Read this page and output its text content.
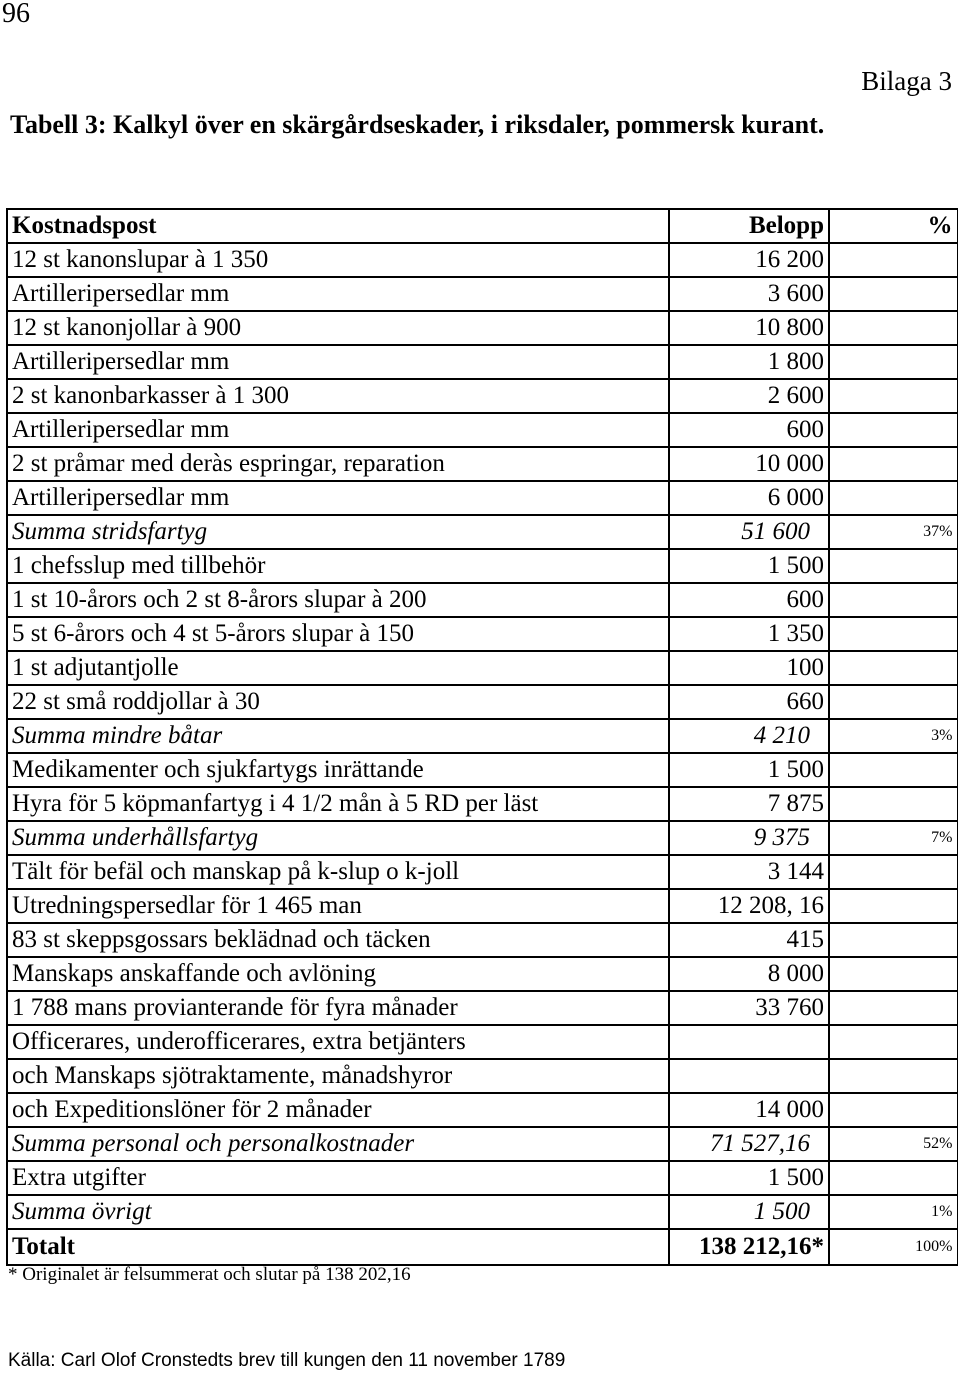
96
Bilaga 3
Tabell 3: Kalkyl över en skärgårdseskader, i riksdaler, pommersk kurant.
Kostnadspost	Belopp	%
12 st kanonslupar à 1 350	16 200	
Artilleripersedlar mm	3 600	
12 st kanonjollar à 900	10 800	
Artilleripersedlar mm	1 800	
2 st kanonbarkasser à 1 300	2 600	
Artilleripersedlar mm	600	
2 st pråmar med deràs espringar, reparation	10 000	
Artilleripersedlar mm	6 000	
Summa stridsfartyg	51 600	37%
1 chefsslup med tillbehör	1 500	
1 st 10-årors och 2 st 8-årors slupar à 200	600	
5 st 6-årors och 4 st 5-årors slupar à 150	1 350	
1 st adjutantjolle	100	
22 st små roddjollar à 30	660	
Summa mindre båtar	4 210	3%
Medikamenter och sjukfartygs inrättande	1 500	
Hyra för 5 köpmanfartyg i 4 1/2 mån à 5 RD per läst	7 875	
Summa underhållsfartyg	9 375	7%
Tält för befäl och manskap på k-slup o k-joll	3 144	
Utredningspersedlar för 1 465 man	12 208, 16	
83 st skeppsgossars beklädnad och täcken	415	
Manskaps anskaffande och avlöning	8 000	
1 788 mans provianterande för fyra månader	33 760	
Officerares, underofficerares, extra betjänters		
och Manskaps sjötraktamente, månadshyror		
och Expeditionslöner för 2 månader	14 000	
Summa personal och personalkostnader	71 527,16	52%
Extra utgifter	1 500	
Summa övrigt	1 500	1%
Totalt	138 212,16*	100%
* Originalet är felsummerat och slutar på 138 202,16
Källa: Carl Olof Cronstedts brev till kungen den 11 november 1789
